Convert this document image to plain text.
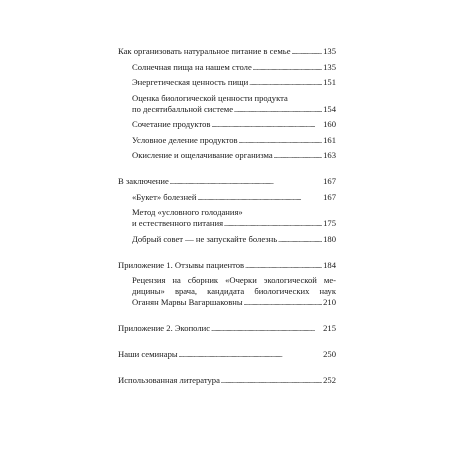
Как организовать натуральное питание в семье . . .	135
Солнечная пища на нашем столе . . .	135
Энергетическая ценность пищи . . .	151
Оценка биологической ценности продукта
по десятибалльной системе . . .	154
Сочетание продуктов . . .	160
Условное деление продуктов . . .	161
Окисление и ощелачивание организма . . .	163
В заключение . . .	167
«Букет» болезней . . .	167
Метод «условного голодания»
и естественного питания . . .	175
Добрый совет — не запускайте болезнь . . .	180
Приложение 1. Отзывы пациентов . . .	184
Рецензия на сборник «Очерки экологической ме-
дицины» врача, кандидата биологических наук
Оганян Марвы Вагаршаковны . . .	210
Приложение 2. Экополис . . .	215
Наши семинары . . .	250
Использованная литература . . .	252
